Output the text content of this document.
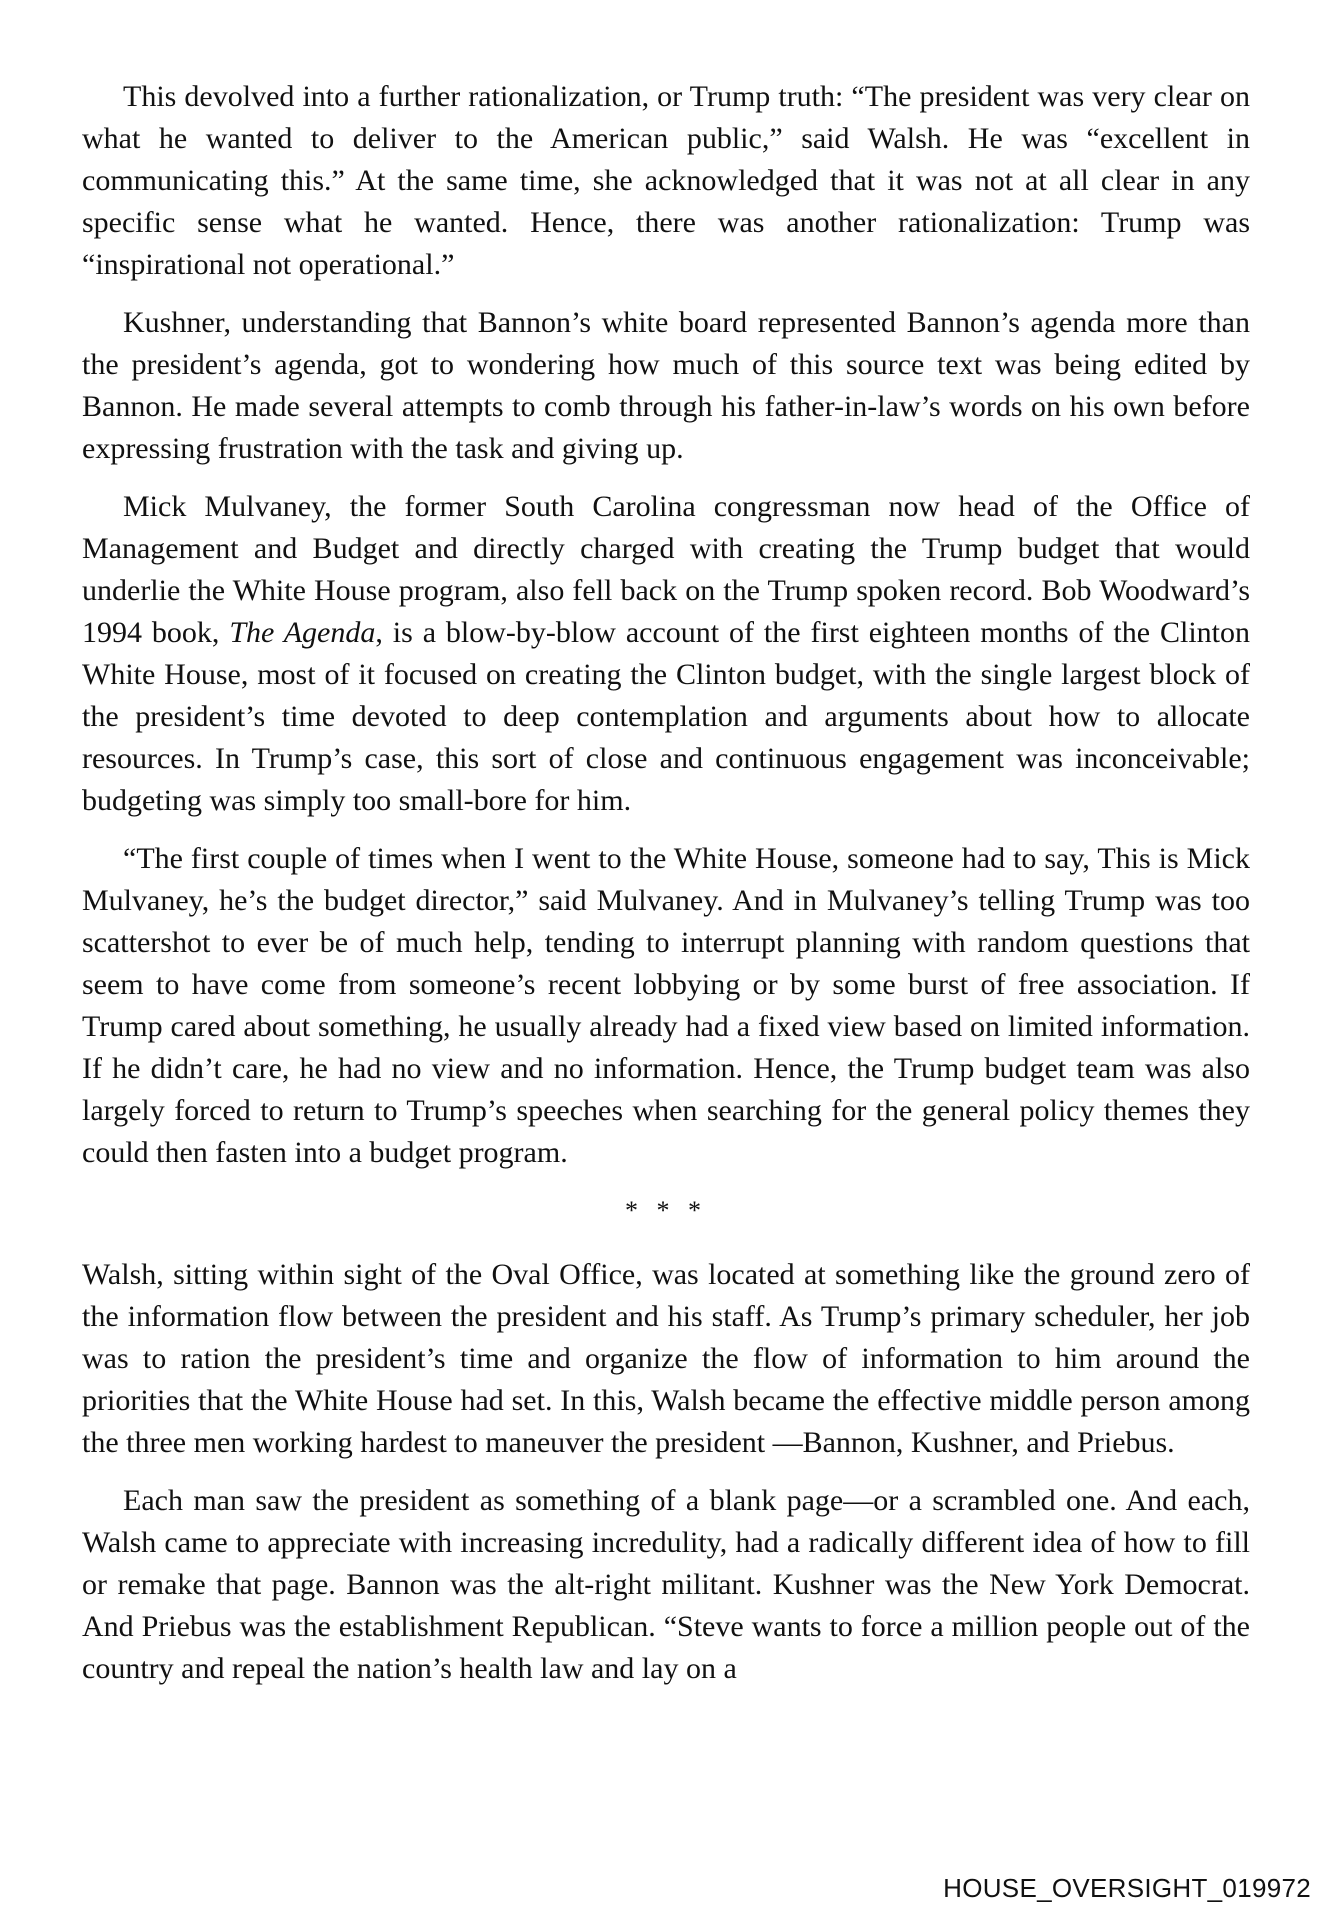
This devolved into a further rationalization, or Trump truth: “The president was very clear on what he wanted to deliver to the American public,” said Walsh. He was “excellent in communicating this.” At the same time, she acknowledged that it was not at all clear in any specific sense what he wanted. Hence, there was another rationalization: Trump was “inspirational not operational.”

Kushner, understanding that Bannon’s white board represented Bannon’s agenda more than the president’s agenda, got to wondering how much of this source text was being edited by Bannon. He made several attempts to comb through his father-in-law’s words on his own before expressing frustration with the task and giving up.

Mick Mulvaney, the former South Carolina congressman now head of the Office of Management and Budget and directly charged with creating the Trump budget that would underlie the White House program, also fell back on the Trump spoken record. Bob Woodward’s 1994 book, The Agenda, is a blow-by-blow account of the first eighteen months of the Clinton White House, most of it focused on creating the Clinton budget, with the single largest block of the president’s time devoted to deep contemplation and arguments about how to allocate resources. In Trump’s case, this sort of close and continuous engagement was inconceivable; budgeting was simply too small-bore for him.

“The first couple of times when I went to the White House, someone had to say, This is Mick Mulvaney, he’s the budget director,” said Mulvaney. And in Mulvaney’s telling Trump was too scattershot to ever be of much help, tending to interrupt planning with random questions that seem to have come from someone’s recent lobbying or by some burst of free association. If Trump cared about something, he usually already had a fixed view based on limited information. If he didn’t care, he had no view and no information. Hence, the Trump budget team was also largely forced to return to Trump’s speeches when searching for the general policy themes they could then fasten into a budget program.

* * *

Walsh, sitting within sight of the Oval Office, was located at something like the ground zero of the information flow between the president and his staff. As Trump’s primary scheduler, her job was to ration the president’s time and organize the flow of information to him around the priorities that the White House had set. In this, Walsh became the effective middle person among the three men working hardest to maneuver the president —Bannon, Kushner, and Priebus.

Each man saw the president as something of a blank page—or a scrambled one. And each, Walsh came to appreciate with increasing incredulity, had a radically different idea of how to fill or remake that page. Bannon was the alt-right militant. Kushner was the New York Democrat. And Priebus was the establishment Republican. “Steve wants to force a million people out of the country and repeal the nation’s health law and lay on a

HOUSE_OVERSIGHT_019972
